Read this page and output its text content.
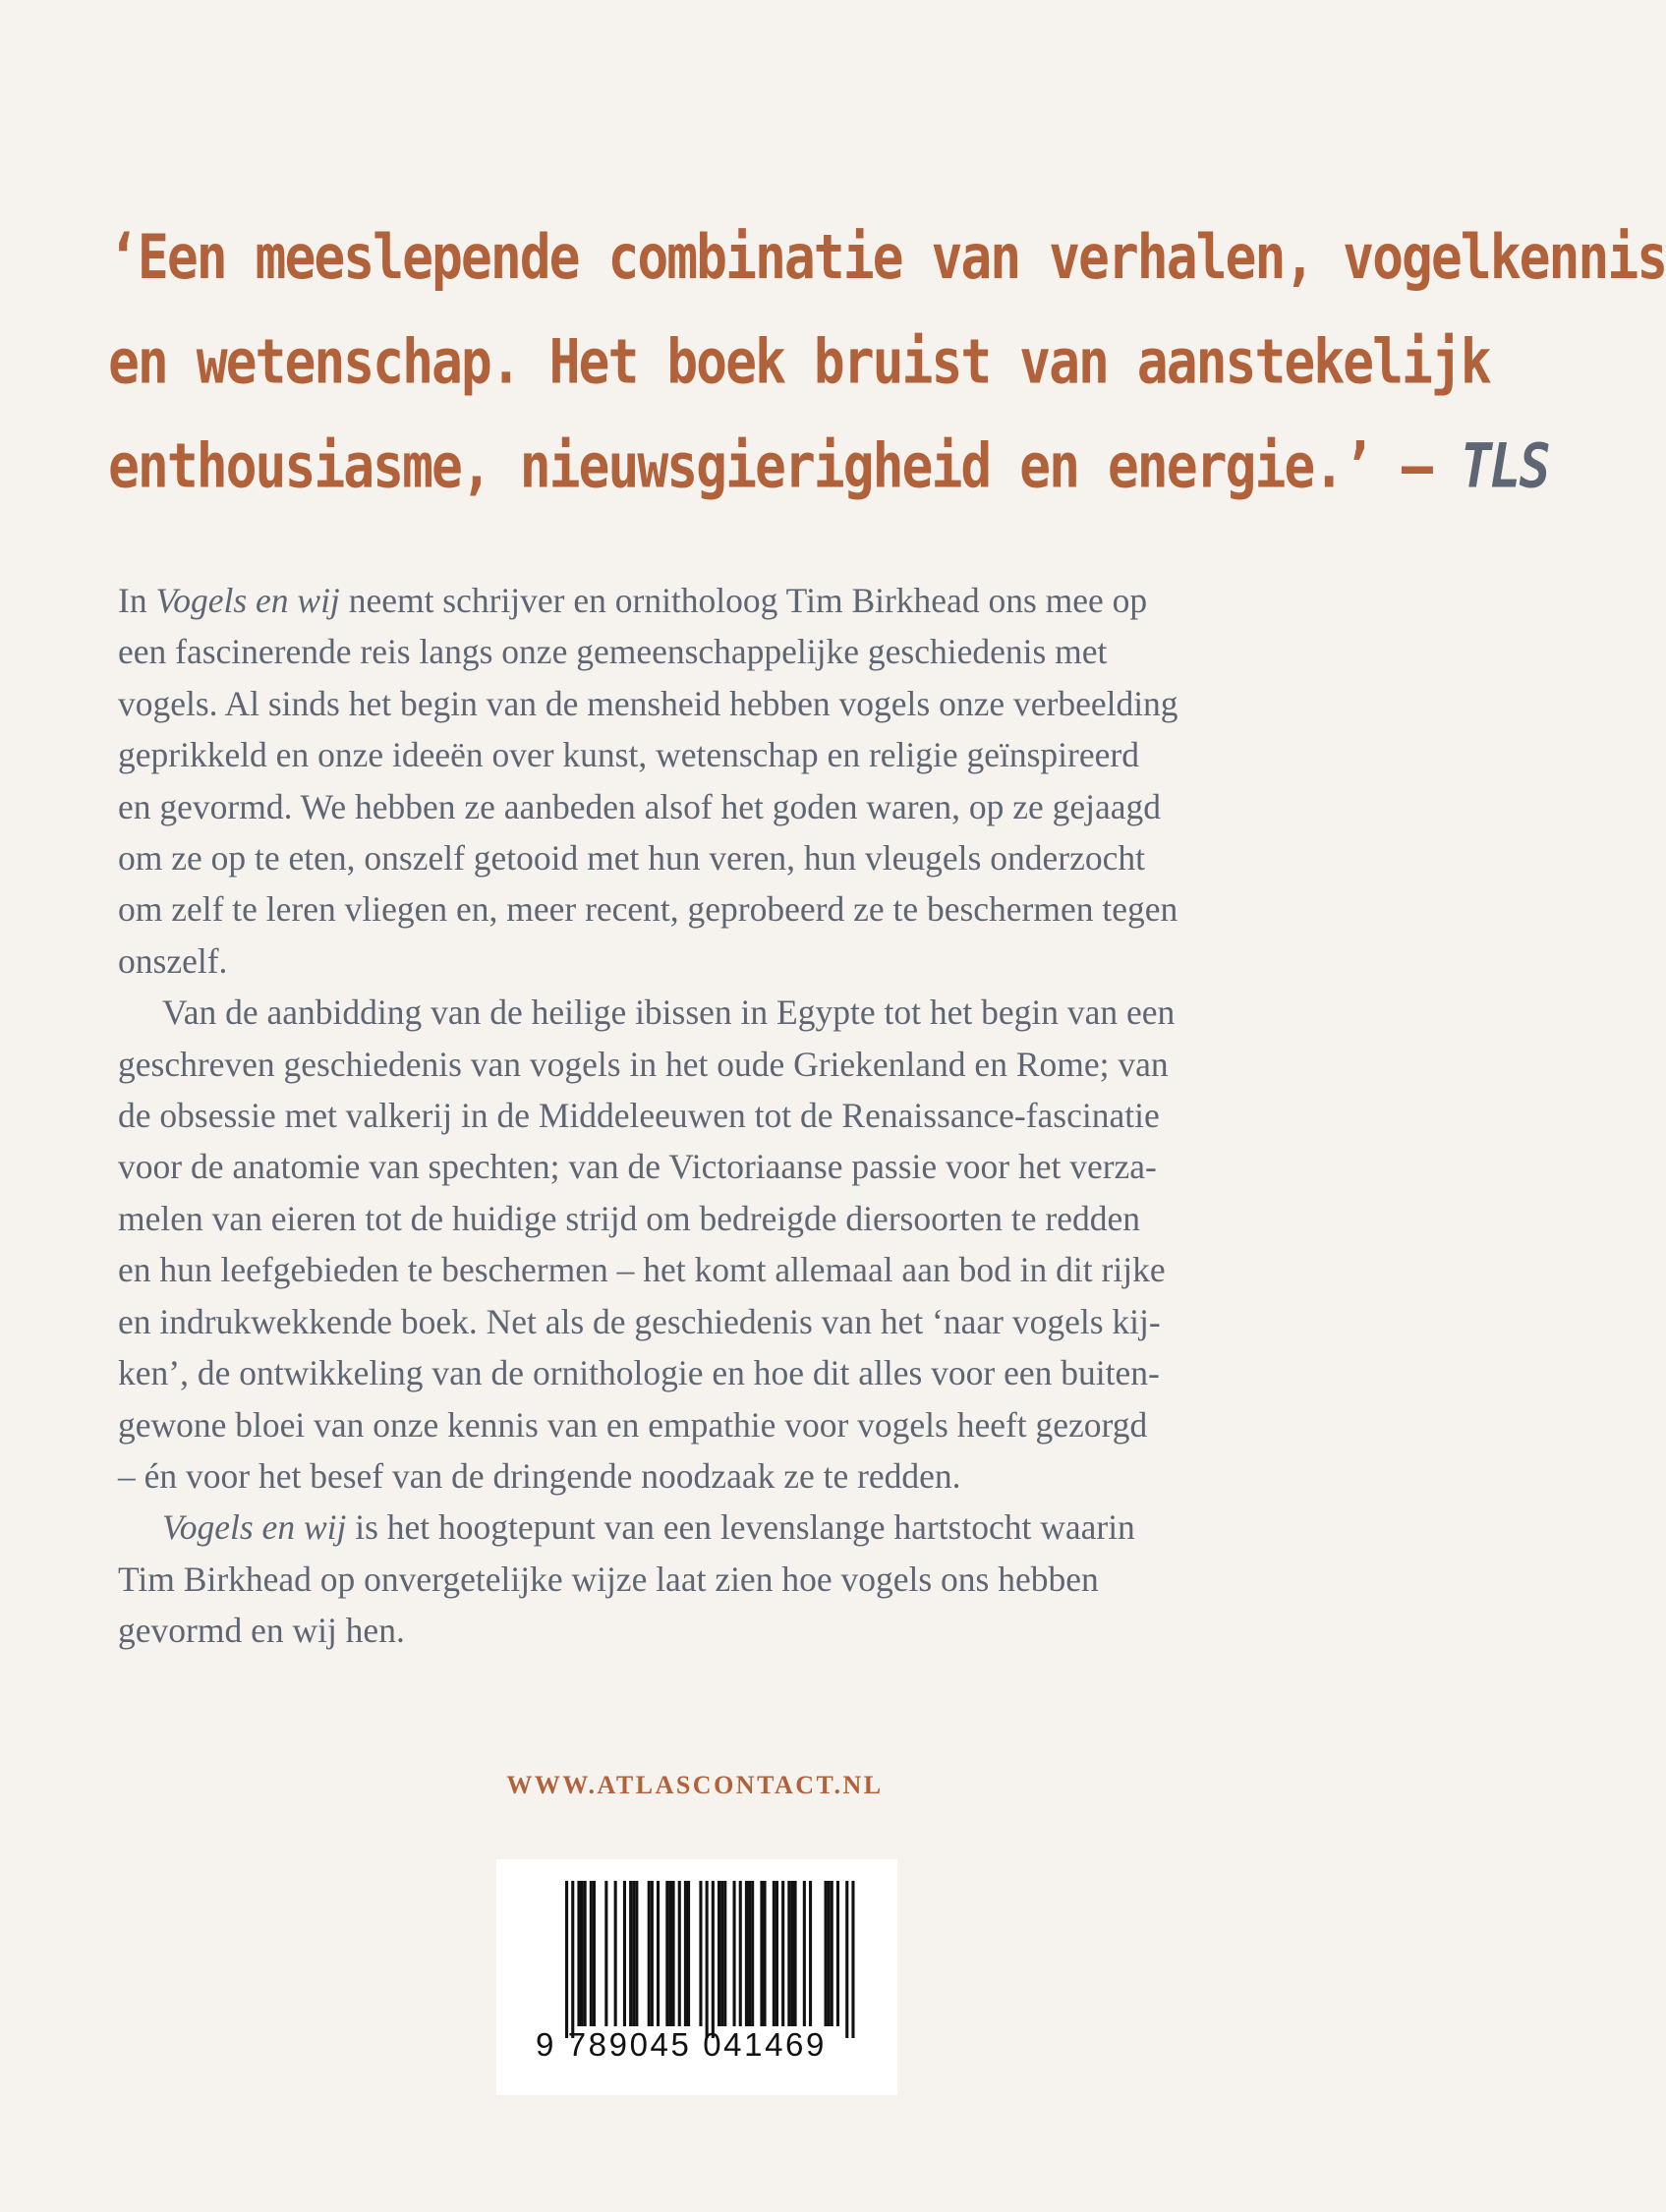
‘Een meeslepende combinatie van verhalen, vogelkennis
en wetenschap. Het boek bruist van aanstekelijk
enthousiasme, nieuwsgierigheid en energie.’ – TLS
In Vogels en wij neemt schrijver en ornitholoog Tim Birkhead ons mee op
een fascinerende reis langs onze gemeenschappelijke geschiedenis met
vogels. Al sinds het begin van de mensheid hebben vogels onze verbeelding
geprikkeld en onze ideeën over kunst, wetenschap en religie geïnspireerd
en gevormd. We hebben ze aanbeden alsof het goden waren, op ze gejaagd
om ze op te eten, onszelf getooid met hun veren, hun vleugels onderzocht
om zelf te leren vliegen en, meer recent, geprobeerd ze te beschermen tegen
onszelf.
Van de aanbidding van de heilige ibissen in Egypte tot het begin van een
geschreven geschiedenis van vogels in het oude Griekenland en Rome; van
de obsessie met valkerij in de Middeleeuwen tot de Renaissance-fascinatie
voor de anatomie van spechten; van de Victoriaanse passie voor het verza-
melen van eieren tot de huidige strijd om bedreigde diersoorten te redden
en hun leefgebieden te beschermen – het komt allemaal aan bod in dit rijke
en indrukwekkende boek. Net als de geschiedenis van het ‘naar vogels kij-
ken’, de ontwikkeling van de ornithologie en hoe dit alles voor een buiten-
gewone bloei van onze kennis van en empathie voor vogels heeft gezorgd
– én voor het besef van de dringende noodzaak ze te redden.
Vogels en wij is het hoogtepunt van een levenslange hartstocht waarin
Tim Birkhead op onvergetelijke wijze laat zien hoe vogels ons hebben
gevormd en wij hen.
WWW.ATLASCONTACT.NL
9 789045 041469
